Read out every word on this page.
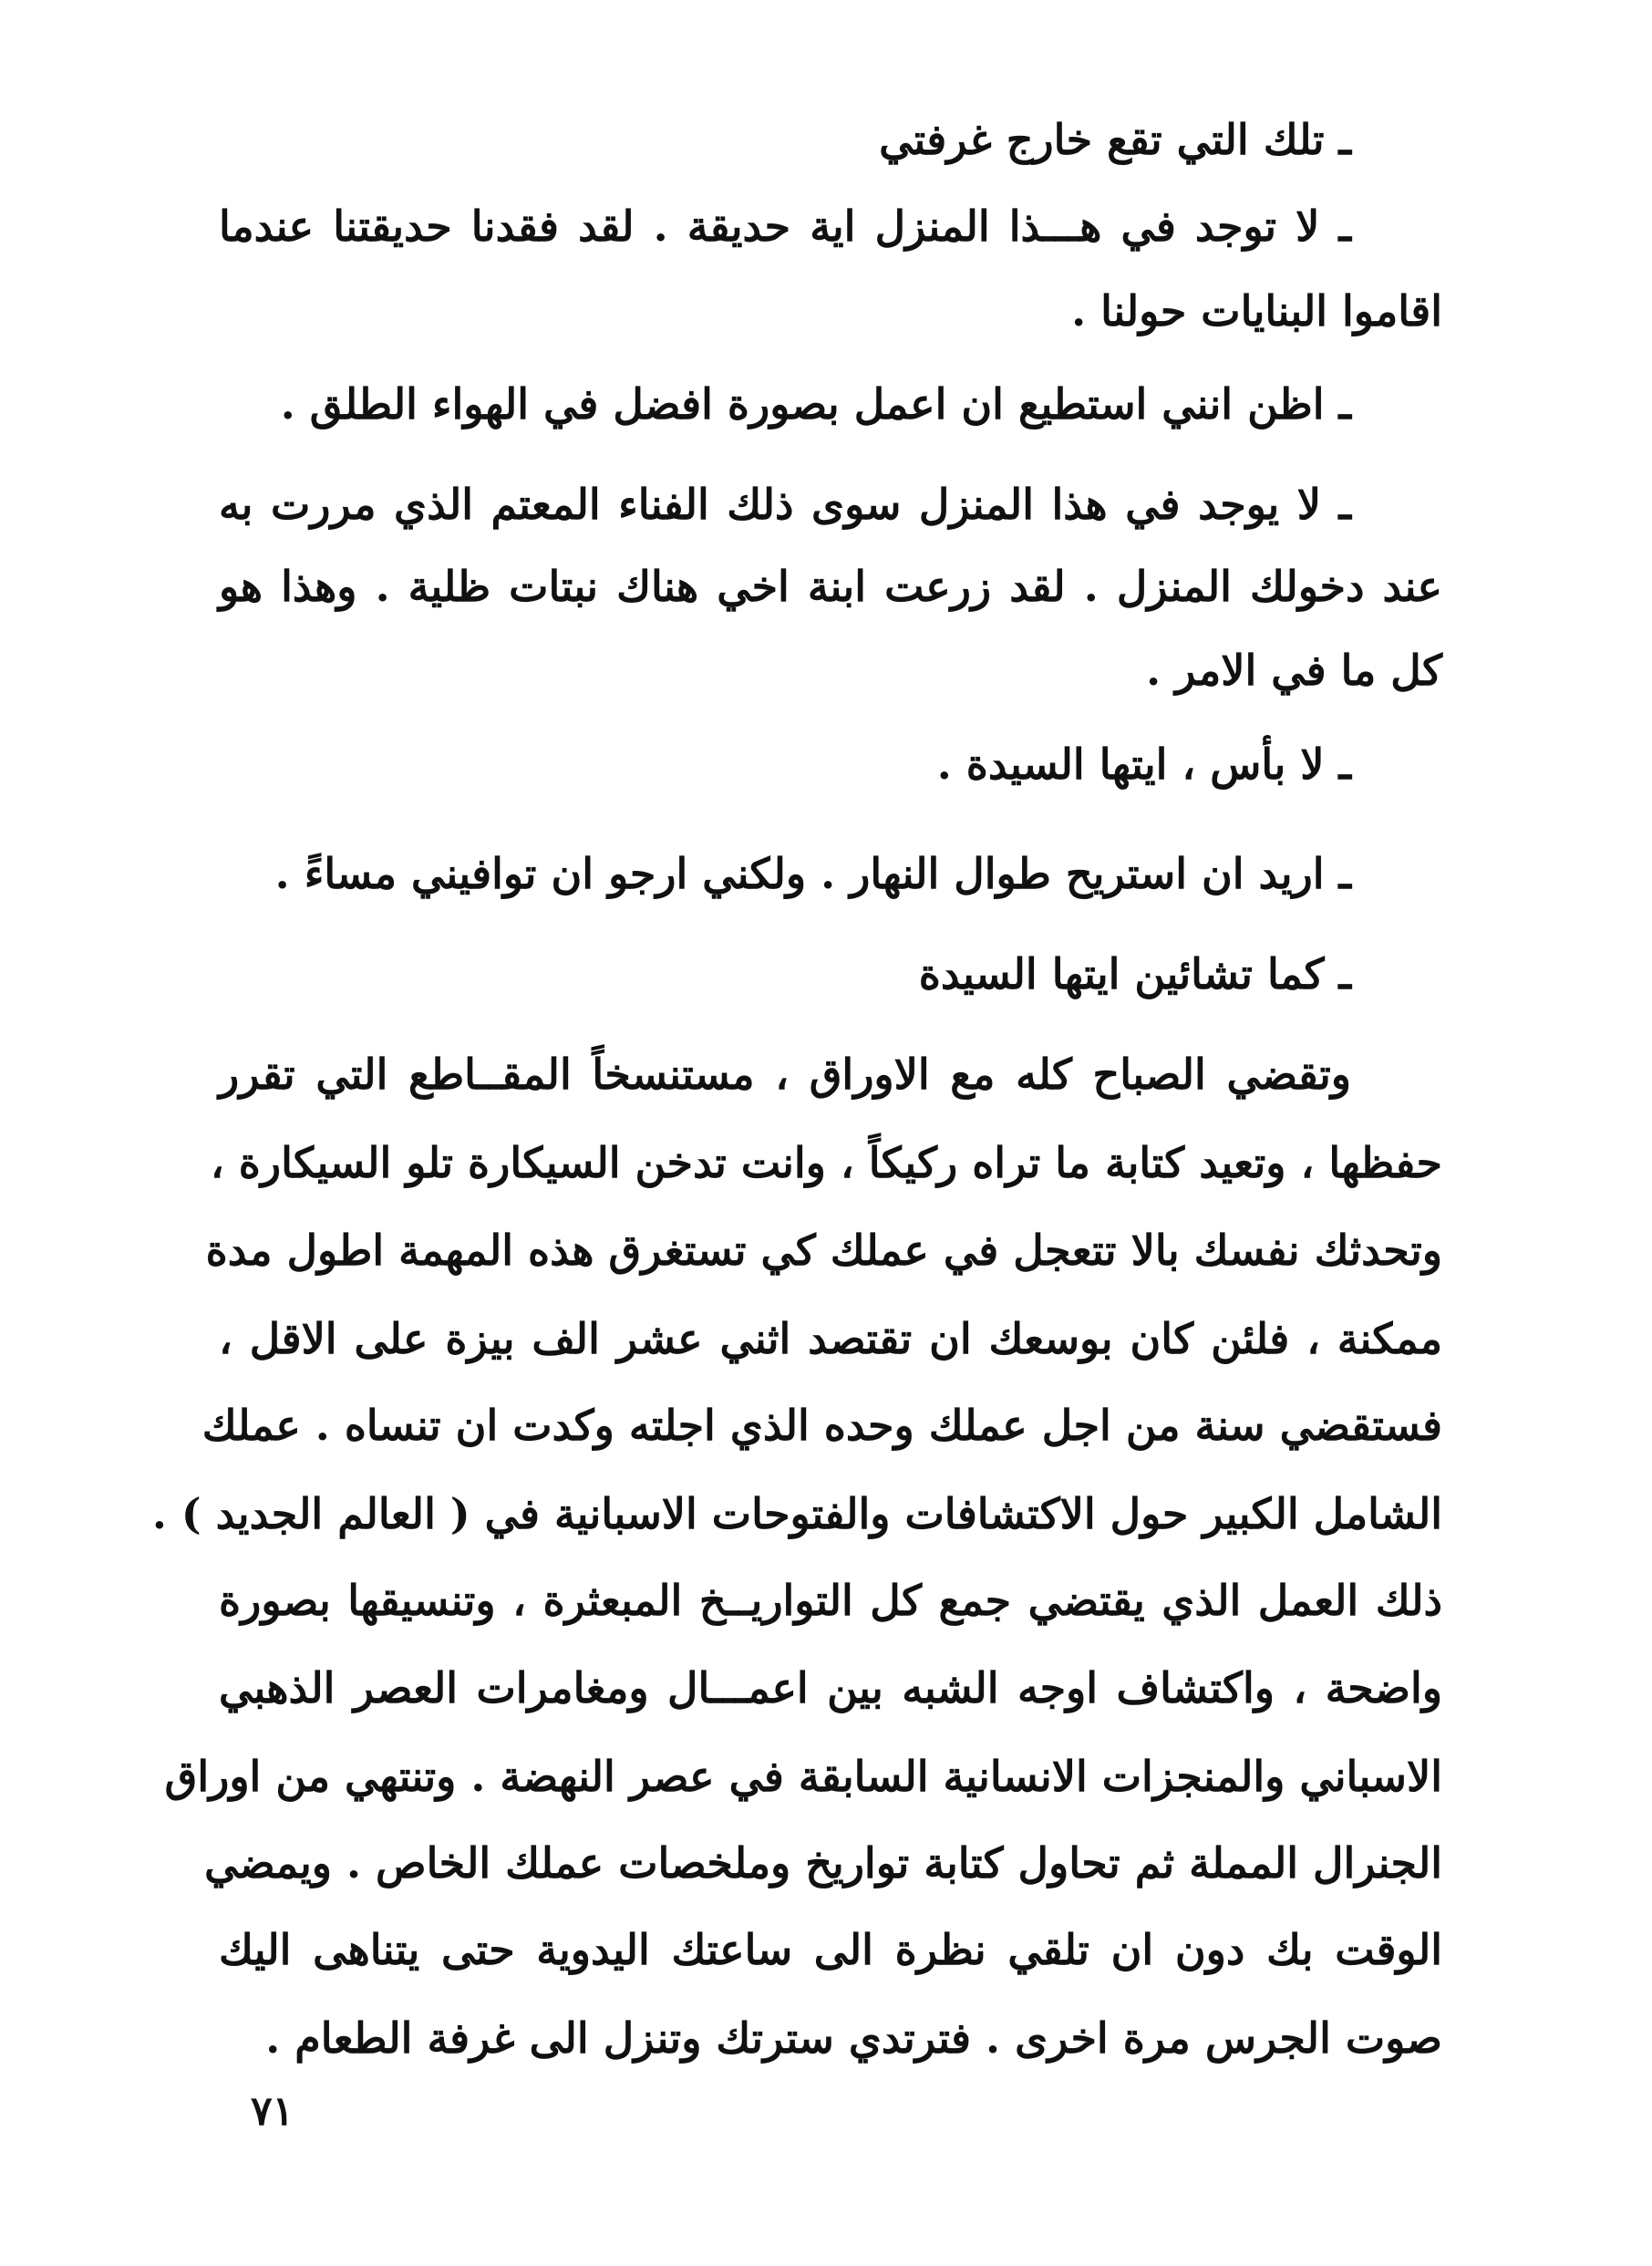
ـ تلك التي تقع خارج غرفتي
ـ لا توجد في هـــذا المنزل اية حديقة . لقد فقدنا حديقتنا عندما
اقاموا البنايات حولنا .
ـ اظن انني استطيع ان اعمل بصورة افضل في الهواء الطلق .
ـ لا يوجد في هذا المنزل سوى ذلك الفناء المعتم الذي مررت به
عند دخولك المنزل . لقد زرعت ابنة اخي هناك نبتات ظلية . وهذا هو
كل ما في الامر .
ـ لا بأس ، ايتها السيدة .
ـ اريد ان استريح طوال النهار . ولكني ارجو ان توافيني مساءً .
ـ كما تشائين ايتها السيدة
وتقضي الصباح كله مع الاوراق ، مستنسخاً المقــاطع التي تقرر
حفظها ، وتعيد كتابة ما تراه ركيكاً ، وانت تدخن السيكارة تلو السيكارة ،
وتحدثك نفسك بالا تتعجل في عملك كي تستغرق هذه المهمة اطول مدة
ممكنة ، فلئن كان بوسعك ان تقتصد اثني عشر الف بيزة على الاقل ،
فستقضي سنة من اجل عملك وحده الذي اجلته وكدت ان تنساه . عملك
الشامل الكبير حول الاكتشافات والفتوحات الاسبانية في ( العالم الجديد ) .
ذلك العمل الذي يقتضي جمع كل التواريــخ المبعثرة ، وتنسيقها بصورة
واضحة ، واكتشاف اوجه الشبه بين اعمـــال ومغامرات العصر الذهبي
الاسباني والمنجزات الانسانية السابقة في عصر النهضة . وتنتهي من اوراق
الجنرال المملة ثم تحاول كتابة تواريخ وملخصات عملك الخاص . ويمضي
الوقت بك دون ان تلقي نظرة الى ساعتك اليدوية حتى يتناهى اليك
صوت الجرس مرة اخرى . فترتدي سترتك وتنزل الى غرفة الطعام .
٧١
